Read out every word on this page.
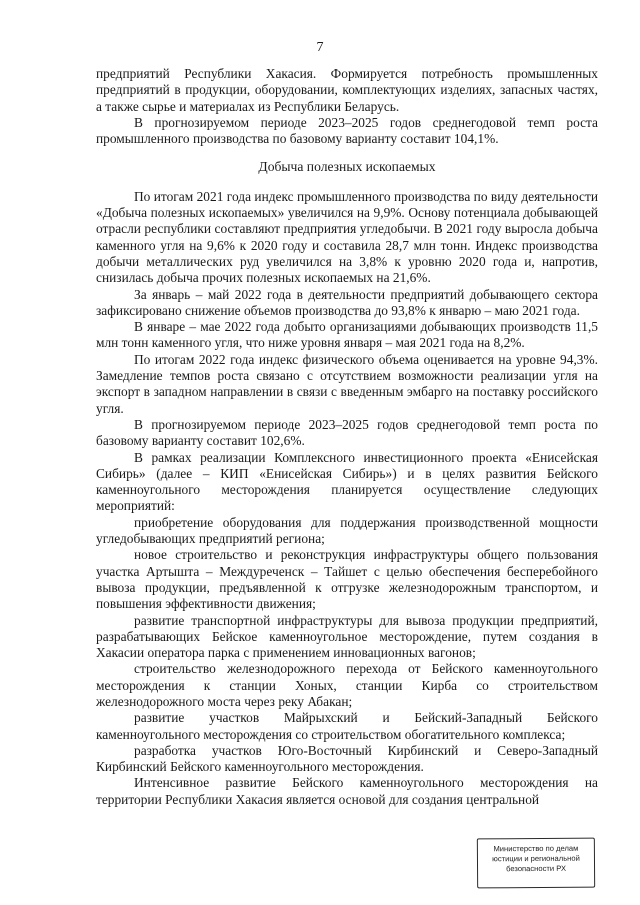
7

предприятий Республики Хакасия. Формируется потребность промышленных предприятий в продукции, оборудовании, комплектующих изделиях, запасных частях, а также сырье и материалах из Республики Беларусь.

В прогнозируемом периоде 2023–2025 годов среднегодовой темп роста промышленного производства по базовому варианту составит 104,1%.

Добыча полезных ископаемых

По итогам 2021 года индекс промышленного производства по виду деятельности «Добыча полезных ископаемых» увеличился на 9,9%. Основу потенциала добывающей отрасли республики составляют предприятия угледобычи. В 2021 году выросла добыча каменного угля на 9,6% к 2020 году и составила 28,7 млн тонн. Индекс производства добычи металлических руд увеличился на 3,8% к уровню 2020 года и, напротив, снизилась добыча прочих полезных ископаемых на 21,6%.

За январь – май 2022 года в деятельности предприятий добывающего сектора зафиксировано снижение объемов производства до 93,8% к январю – маю 2021 года.

В январе – мае 2022 года добыто организациями добывающих производств 11,5 млн тонн каменного угля, что ниже уровня января – мая 2021 года на 8,2%.

По итогам 2022 года индекс физического объема оценивается на уровне 94,3%. Замедление темпов роста связано с отсутствием возможности реализации угля на экспорт в западном направлении в связи с введенным эмбарго на поставку российского угля.

В прогнозируемом периоде 2023–2025 годов среднегодовой темп роста по базовому варианту составит 102,6%.

В рамках реализации Комплексного инвестиционного проекта «Енисейская Сибирь» (далее – КИП «Енисейская Сибирь») и в целях развития Бейского каменноугольного месторождения планируется осуществление следующих мероприятий:

приобретение оборудования для поддержания производственной мощности угледобывающих предприятий региона;

новое строительство и реконструкция инфраструктуры общего пользования участка Артышта – Междуреченск – Тайшет с целью обеспечения бесперебойного вывоза продукции, предъявленной к отгрузке железнодорожным транспортом, и повышения эффективности движения;

развитие транспортной инфраструктуры для вывоза продукции предприятий, разрабатывающих Бейское каменноугольное месторождение, путем создания в Хакасии оператора парка с применением инновационных вагонов;

строительство железнодорожного перехода от Бейского каменноугольного месторождения к станции Хоных, станции Кирба со строительством железнодорожного моста через реку Абакан;

развитие участков Майрыхский и Бейский-Западный Бейского каменноугольного месторождения со строительством обогатительного комплекса;

разработка участков Юго-Восточный Кирбинский и Северо-Западный Кирбинский Бейского каменноугольного месторождения.

Интенсивное развитие Бейского каменноугольного месторождения на территории Республики Хакасия является основой для создания центральной

Министерство по делам
юстиции и региональной
безопасности РХ
